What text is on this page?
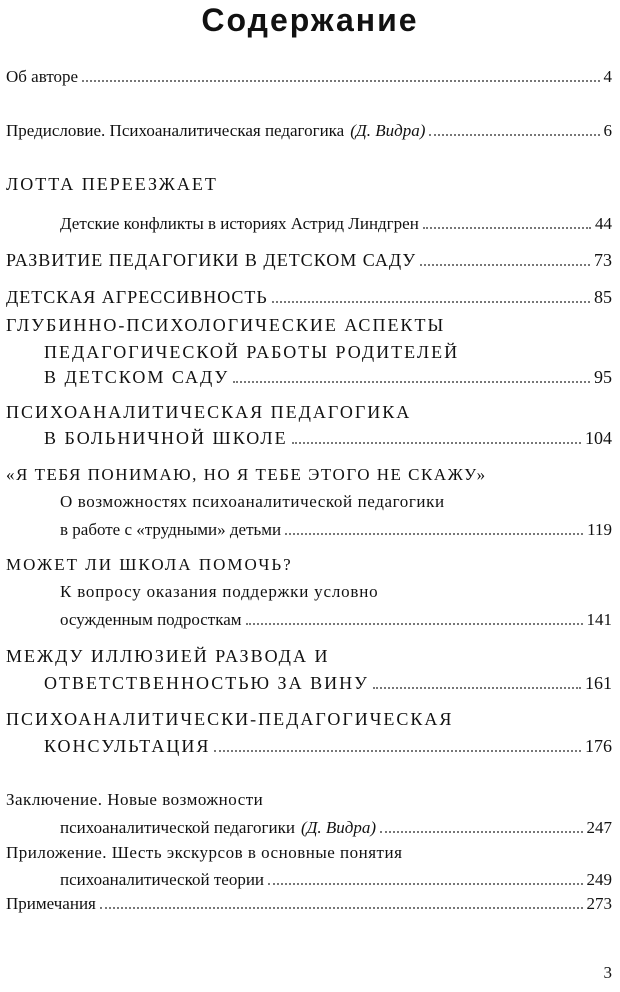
Содержание
Об авторе	4
Предисловие. Психоаналитическая педагогика (Д. Видра)	6
ЛОТТА ПЕРЕЕЗЖАЕТ
Детские конфликты в историях Астрид Линдгрен	44
РАЗВИТИЕ ПЕДАГОГИКИ В ДЕТСКОМ САДУ	73
ДЕТСКАЯ АГРЕССИВНОСТЬ	85
ГЛУБИННО-ПСИХОЛОГИЧЕСКИЕ АСПЕКТЫ
ПЕДАГОГИЧЕСКОЙ РАБОТЫ РОДИТЕЛЕЙ
В ДЕТСКОМ САДУ	95
ПСИХОАНАЛИТИЧЕСКАЯ ПЕДАГОГИКА
В БОЛЬНИЧНОЙ ШКОЛЕ	104
«Я ТЕБЯ ПОНИМАЮ, НО Я ТЕБЕ ЭТОГО НЕ СКАЖУ»
О возможностях психоаналитической педагогики
в работе с «трудными» детьми	119
МОЖЕТ ЛИ ШКОЛА ПОМОЧЬ?
К вопросу оказания поддержки условно
осужденным подросткам	141
МЕЖДУ ИЛЛЮЗИЕЙ РАЗВОДА И
ОТВЕТСТВЕННОСТЬЮ ЗА ВИНУ	161
ПСИХОАНАЛИТИЧЕСКИ-ПЕДАГОГИЧЕСКАЯ
КОНСУЛЬТАЦИЯ	176
Заключение. Новые возможности
психоаналитической педагогики (Д. Видра)	247
Приложение. Шесть экскурсов в основные понятия
психоаналитической теории	249
Примечания	273
3
